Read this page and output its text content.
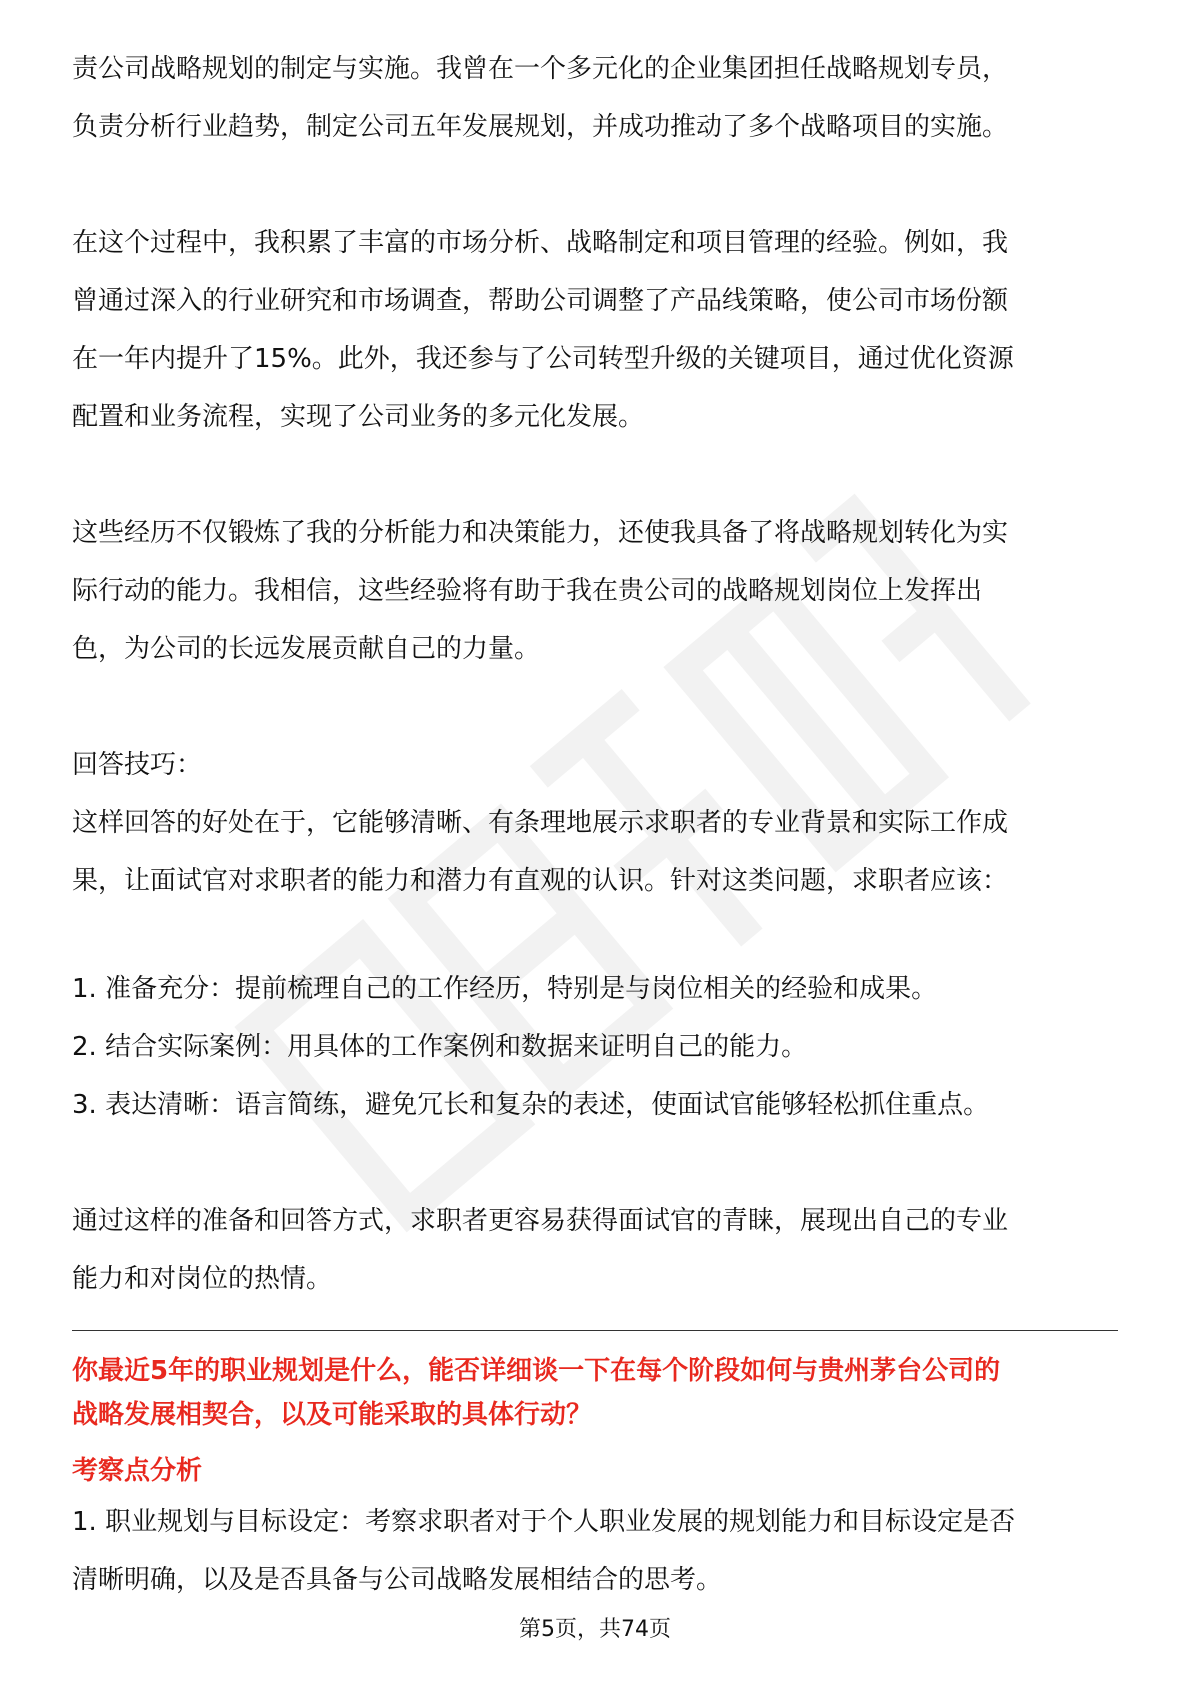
责公司战略规划的制定与实施。我曾在一个多元化的企业集团担任战略规划专员，
负责分析行业趋势，制定公司五年发展规划，并成功推动了多个战略项目的实施。

在这个过程中，我积累了丰富的市场分析、战略制定和项目管理的经验。例如，我
曾通过深入的行业研究和市场调查，帮助公司调整了产品线策略，使公司市场份额
在一年内提升了15%。此外，我还参与了公司转型升级的关键项目，通过优化资源
配置和业务流程，实现了公司业务的多元化发展。

这些经历不仅锻炼了我的分析能力和决策能力，还使我具备了将战略规划转化为实
际行动的能力。我相信，这些经验将有助于我在贵公司的战略规划岗位上发挥出
色，为公司的长远发展贡献自己的力量。

回答技巧：

这样回答的好处在于，它能够清晰、有条理地展示求职者的专业背景和实际工作成
果，让面试官对求职者的能力和潜力有直观的认识。针对这类问题，求职者应该：

1. 准备充分：提前梳理自己的工作经历，特别是与岗位相关的经验和成果。

2. 结合实际案例：用具体的工作案例和数据来证明自己的能力。

3. 表达清晰：语言简练，避免冗长和复杂的表述，使面试官能够轻松抓住重点。

通过这样的准备和回答方式，求职者更容易获得面试官的青睐，展现出自己的专业
能力和对岗位的热情。

你最近5年的职业规划是什么，能否详细谈一下在每个阶段如何与贵州茅台公司的
战略发展相契合，以及可能采取的具体行动？

考察点分析

1. 职业规划与目标设定：考察求职者对于个人职业发展的规划能力和目标设定是否
清晰明确，以及是否具备与公司战略发展相结合的思考。

第5页，共74页
